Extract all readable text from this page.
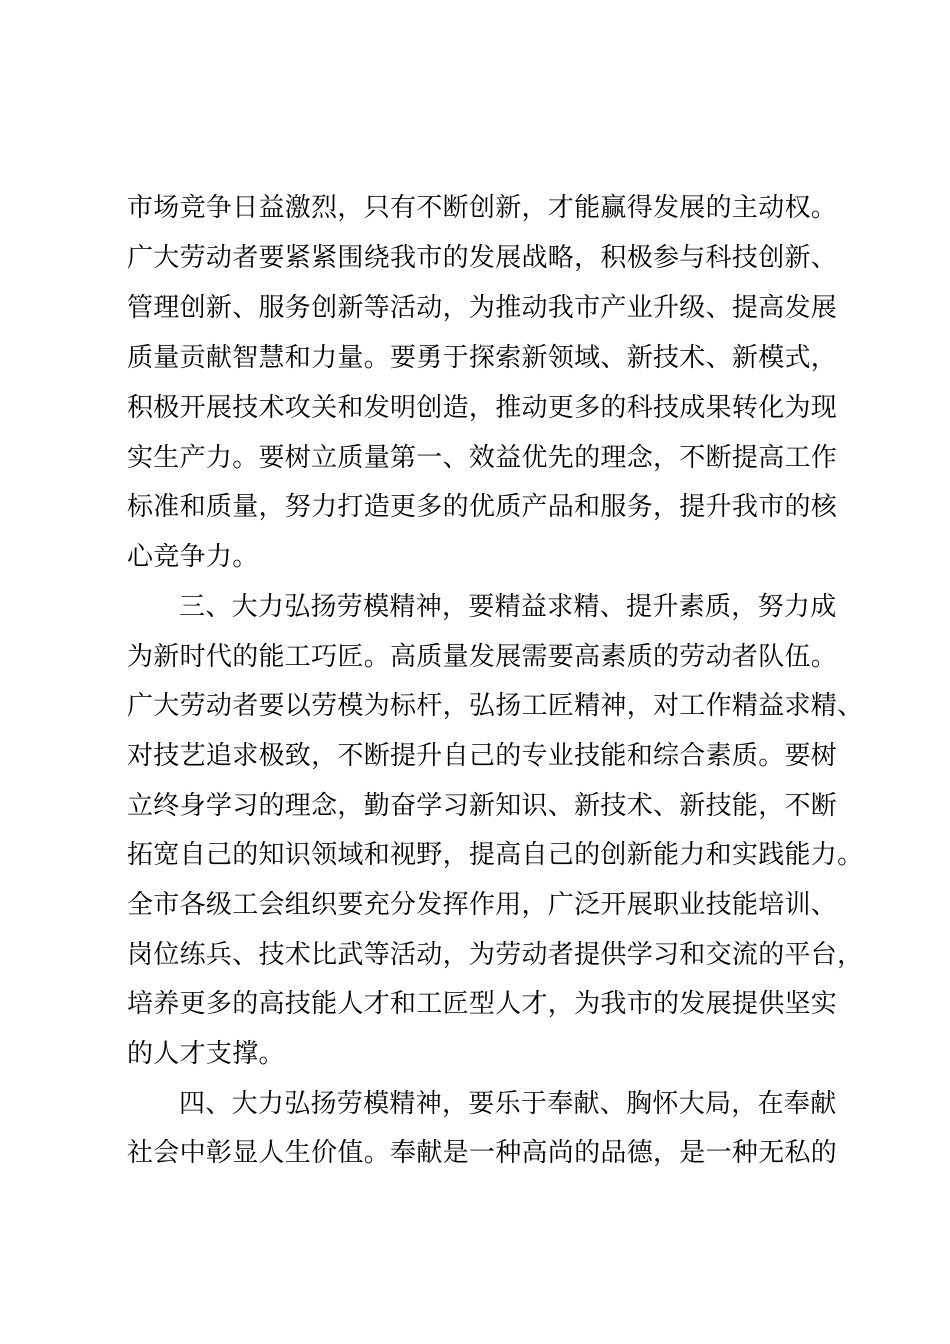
市场竞争日益激烈，只有不断创新，才能赢得发展的主动权。
广大劳动者要紧紧围绕我市的发展战略，积极参与科技创新、
管理创新、服务创新等活动，为推动我市产业升级、提高发展
质量贡献智慧和力量。要勇于探索新领域、新技术、新模式，
积极开展技术攻关和发明创造，推动更多的科技成果转化为现
实生产力。要树立质量第一、效益优先的理念，不断提高工作
标准和质量，努力打造更多的优质产品和服务，提升我市的核
心竞争力。
三、大力弘扬劳模精神，要精益求精、提升素质，努力成
为新时代的能工巧匠。高质量发展需要高素质的劳动者队伍。
广大劳动者要以劳模为标杆，弘扬工匠精神，对工作精益求精、
对技艺追求极致，不断提升自己的专业技能和综合素质。要树
立终身学习的理念，勤奋学习新知识、新技术、新技能，不断
拓宽自己的知识领域和视野，提高自己的创新能力和实践能力。
全市各级工会组织要充分发挥作用，广泛开展职业技能培训、
岗位练兵、技术比武等活动，为劳动者提供学习和交流的平台，
培养更多的高技能人才和工匠型人才，为我市的发展提供坚实
的人才支撑。
四、大力弘扬劳模精神，要乐于奉献、胸怀大局，在奉献
社会中彰显人生价值。奉献是一种高尚的品德，是一种无私的
